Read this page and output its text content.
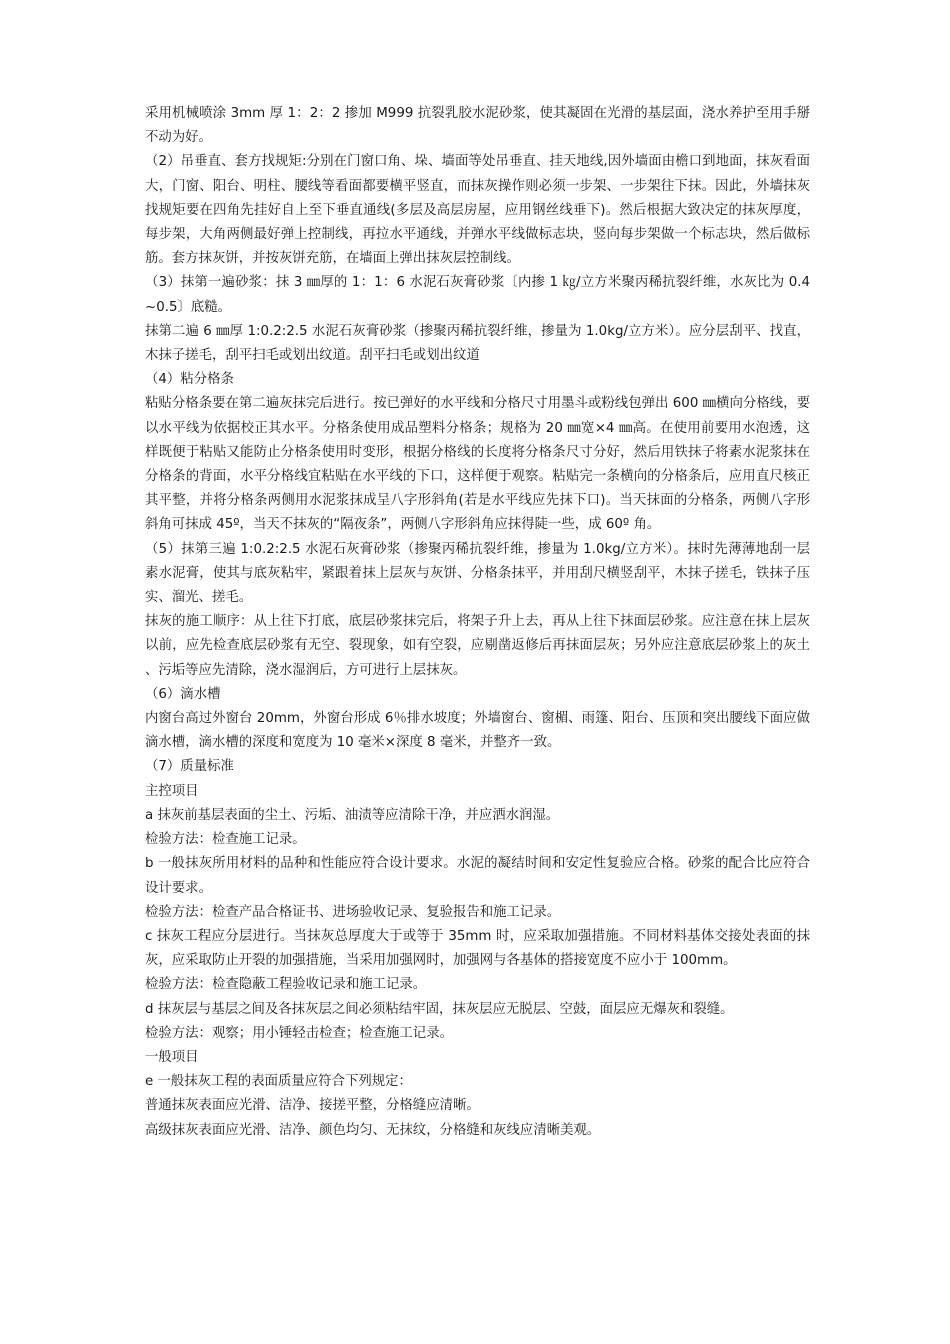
采用机械喷涂 3mm 厚 1：2：2 掺加 M999 抗裂乳胶水泥砂浆，使其凝固在光滑的基层面，浇水养护至用手掰不动为好。

（2）吊垂直、套方找规矩:分别在门窗口角、垛、墙面等处吊垂直、挂天地线,因外墙面由檐口到地面，抹灰看面大，门窗、阳台、明柱、腰线等看面都要横平竖直，而抹灰操作则必须一步架、一步架往下抹。因此，外墙抹灰找规矩要在四角先挂好自上至下垂直通线(多层及高层房屋，应用钢丝线垂下)。然后根据大致决定的抹灰厚度，每步架，大角两侧最好弹上控制线，再拉水平通线，并弹水平线做标志块，竖向每步架做一个标志块，然后做标筋。套方抹灰饼，并按灰饼充筋，在墙面上弹出抹灰层控制线。

（3）抹第一遍砂浆：抹 3 ㎜厚的 1：1：6 水泥石灰膏砂浆〔内掺 1 ㎏/立方米聚丙稀抗裂纤维，水灰比为 0.4~0.5〕底糙。

抹第二遍 6 ㎜厚 1:0.2:2.5 水泥石灰膏砂浆（掺聚丙稀抗裂纤维，掺量为 1.0kg/立方米）。应分层刮平、找直，木抹子搓毛，刮平扫毛或划出纹道。刮平扫毛或划出纹道

（4）粘分格条

粘贴分格条要在第二遍灰抹完后进行。按已弹好的水平线和分格尺寸用墨斗或粉线包弹出 600 ㎜横向分格线，要以水平线为依据校正其水平。分格条使用成品塑料分格条；规格为 20 ㎜宽×4 ㎜高。在使用前要用水泡透，这样既便于粘贴又能防止分格条使用时变形，根据分格线的长度将分格条尺寸分好，然后用铁抹子将素水泥浆抹在分格条的背面，水平分格线宜粘贴在水平线的下口，这样便于观察。粘贴完一条横向的分格条后，应用直尺核正其平整，并将分格条两侧用水泥浆抹成呈八字形斜角(若是水平线应先抹下口)。当天抹面的分格条，两侧八字形斜角可抹成 45º，当天不抹灰的“隔夜条”，两侧八字形斜角应抹得陡一些，成 60º 角。

（5）抹第三遍 1:0.2:2.5 水泥石灰膏砂浆（掺聚丙稀抗裂纤维，掺量为 1.0kg/立方米）。抹时先薄薄地刮一层素水泥膏，使其与底灰粘牢，紧跟着抹上层灰与灰饼、分格条抹平，并用刮尺横竖刮平，木抹子搓毛，铁抹子压实、溜光、搓毛。

抹灰的施工顺序：从上往下打底，底层砂浆抹完后，将架子升上去，再从上往下抹面层砂浆。应注意在抹上层灰以前，应先检查底层砂浆有无空、裂现象，如有空裂，应剔凿返修后再抹面层灰；另外应注意底层砂浆上的灰土、污垢等应先清除，浇水湿润后，方可进行上层抹灰。

（6）滴水槽

内窗台高过外窗台 20mm，外窗台形成 6％排水坡度；外墙窗台、窗楣、雨篷、阳台、压顶和突出腰线下面应做滴水槽，滴水槽的深度和宽度为 10 毫米×深度 8 毫米，并整齐一致。

（7）质量标准

主控项目

a 抹灰前基层表面的尘土、污垢、油渍等应清除干净，并应洒水润湿。

检验方法：检查施工记录。

b 一般抹灰所用材料的品种和性能应符合设计要求。水泥的凝结时间和安定性复验应合格。砂浆的配合比应符合设计要求。

检验方法：检查产品合格证书、进场验收记录、复验报告和施工记录。

c 抹灰工程应分层进行。当抹灰总厚度大于或等于 35mm 时，应采取加强措施。不同材料基体交接处表面的抹灰，应采取防止开裂的加强措施，当采用加强网时，加强网与各基体的搭接宽度不应小于 100mm。

检验方法：检查隐蔽工程验收记录和施工记录。

d 抹灰层与基层之间及各抹灰层之间必须粘结牢固，抹灰层应无脱层、空鼓，面层应无爆灰和裂缝。

检验方法：观察；用小锤轻击检查；检查施工记录。

一般项目

e 一般抹灰工程的表面质量应符合下列规定：

普通抹灰表面应光滑、洁净、接搓平整，分格缝应清晰。

高级抹灰表面应光滑、洁净、颜色均匀、无抹纹，分格缝和灰线应清晰美观。
